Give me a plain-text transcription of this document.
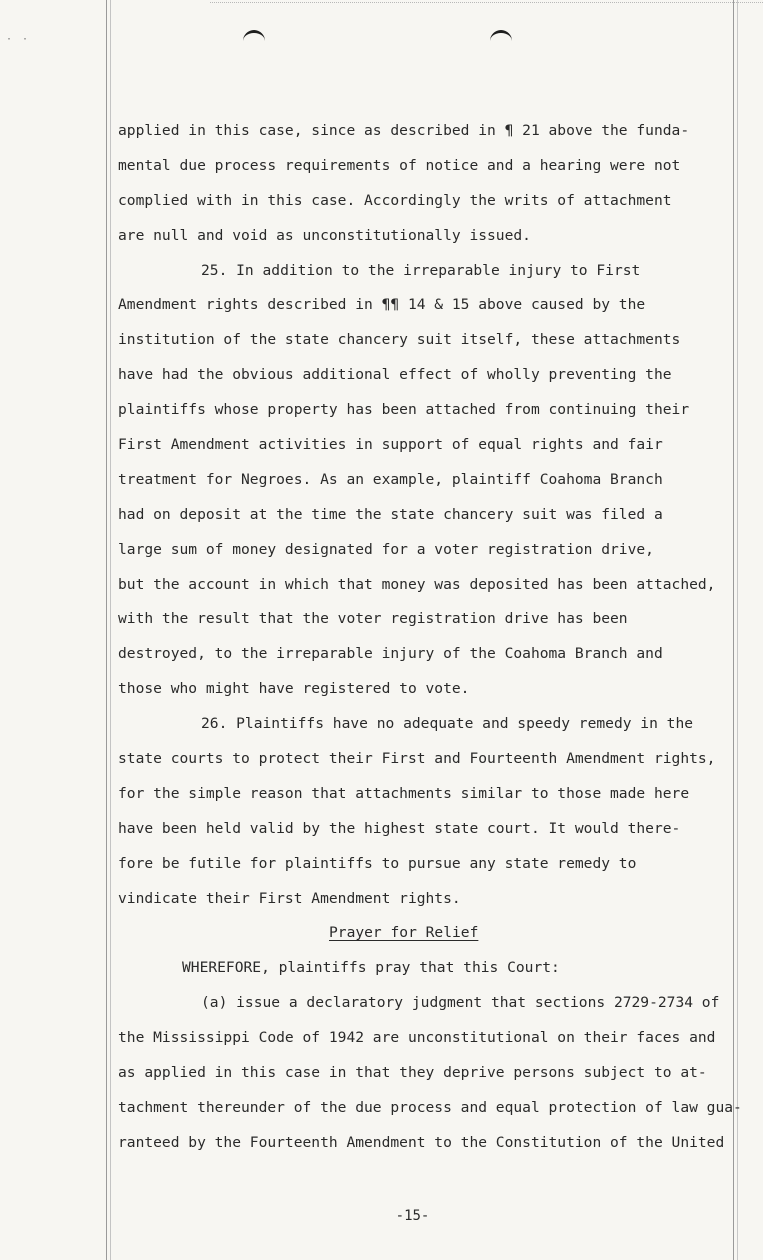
· ·
applied in this case, since as described in ¶ 21 above the funda-
mental due process requirements of notice and a hearing were not
complied with in this case. Accordingly the writs of attachment
are null and void as unconstitutionally issued.
25. In addition to the irreparable injury to First
Amendment rights described in ¶¶ 14 & 15 above caused by the
institution of the state chancery suit itself, these attachments
have had the obvious additional effect of wholly preventing the
plaintiffs whose property has been attached from continuing their
First Amendment activities in support of equal rights and fair
treatment for Negroes. As an example, plaintiff Coahoma Branch
had on deposit at the time the state chancery suit was filed a
large sum of money designated for a voter registration drive,
but the account in which that money was deposited has been attached,
with the result that the voter registration drive has been
destroyed, to the irreparable injury of the Coahoma Branch and
those who might have registered to vote.
26. Plaintiffs have no adequate and speedy remedy in the
state courts to protect their First and Fourteenth Amendment rights,
for the simple reason that attachments similar to those made here
have been held valid by the highest state court. It would there-
fore be futile for plaintiffs to pursue any state remedy to
vindicate their First Amendment rights.
Prayer for Relief
WHEREFORE, plaintiffs pray that this Court:
(a) issue a declaratory judgment that sections 2729-2734 of
the Mississippi Code of 1942 are unconstitutional on their faces and
as applied in this case in that they deprive persons subject to at-
tachment thereunder of the due process and equal protection of law gua-
ranteed by the Fourteenth Amendment to the Constitution of the United
-15-
